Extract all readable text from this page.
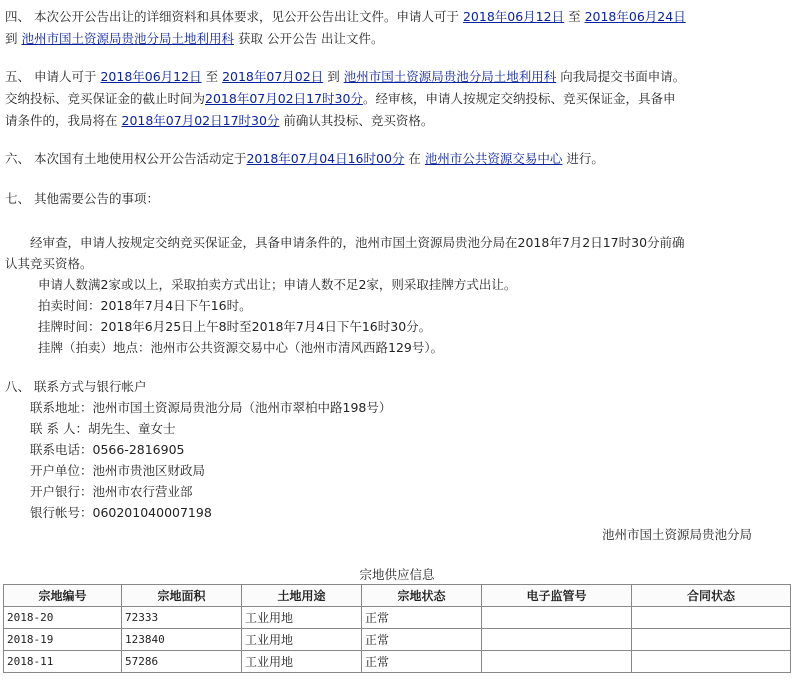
四、 本次公开公告出让的详细资料和具体要求，见公开公告出让文件。申请人可于 2018年06月12日 至 2018年06月24日
到 池州市国土资源局贵池分局土地利用科 获取 公开公告 出让文件。
五、 申请人可于 2018年06月12日 至 2018年07月02日 到 池州市国土资源局贵池分局土地利用科 向我局提交书面申请。
交纳投标、竞买保证金的截止时间为2018年07月02日17时30分。经审核，申请人按规定交纳投标、竞买保证金，具备申
请条件的，我局将在 2018年07月02日17时30分 前确认其投标、竞买资格。
六、 本次国有土地使用权公开公告活动定于2018年07月04日16时00分 在 池州市公共资源交易中心 进行。
七、 其他需要公告的事项：
经审查，申请人按规定交纳竞买保证金，具备申请条件的，池州市国土资源局贵池分局在2018年7月2日17时30分前确
认其竞买资格。
申请人数满2家或以上，采取拍卖方式出让；申请人数不足2家，则采取挂牌方式出让。
拍卖时间：2018年7月4日下午16时。
挂牌时间：2018年6月25日上午8时至2018年7月4日下午16时30分。
挂牌（拍卖）地点：池州市公共资源交易中心（池州市清风西路129号）。
八、 联系方式与银行帐户
联系地址：池州市国土资源局贵池分局（池州市翠柏中路198号）
联 系 人：胡先生、童女士
联系电话：0566-2816905
开户单位：池州市贵池区财政局
开户银行：池州市农行营业部
银行帐号：060201040007198
池州市国土资源局贵池分局
宗地供应信息
宗地编号	宗地面积	土地用途	宗地状态	电子监管号	合同状态
2018-20	72333	工业用地	正常		
2018-19	123840	工业用地	正常		
2018-11	57286	工业用地	正常		
